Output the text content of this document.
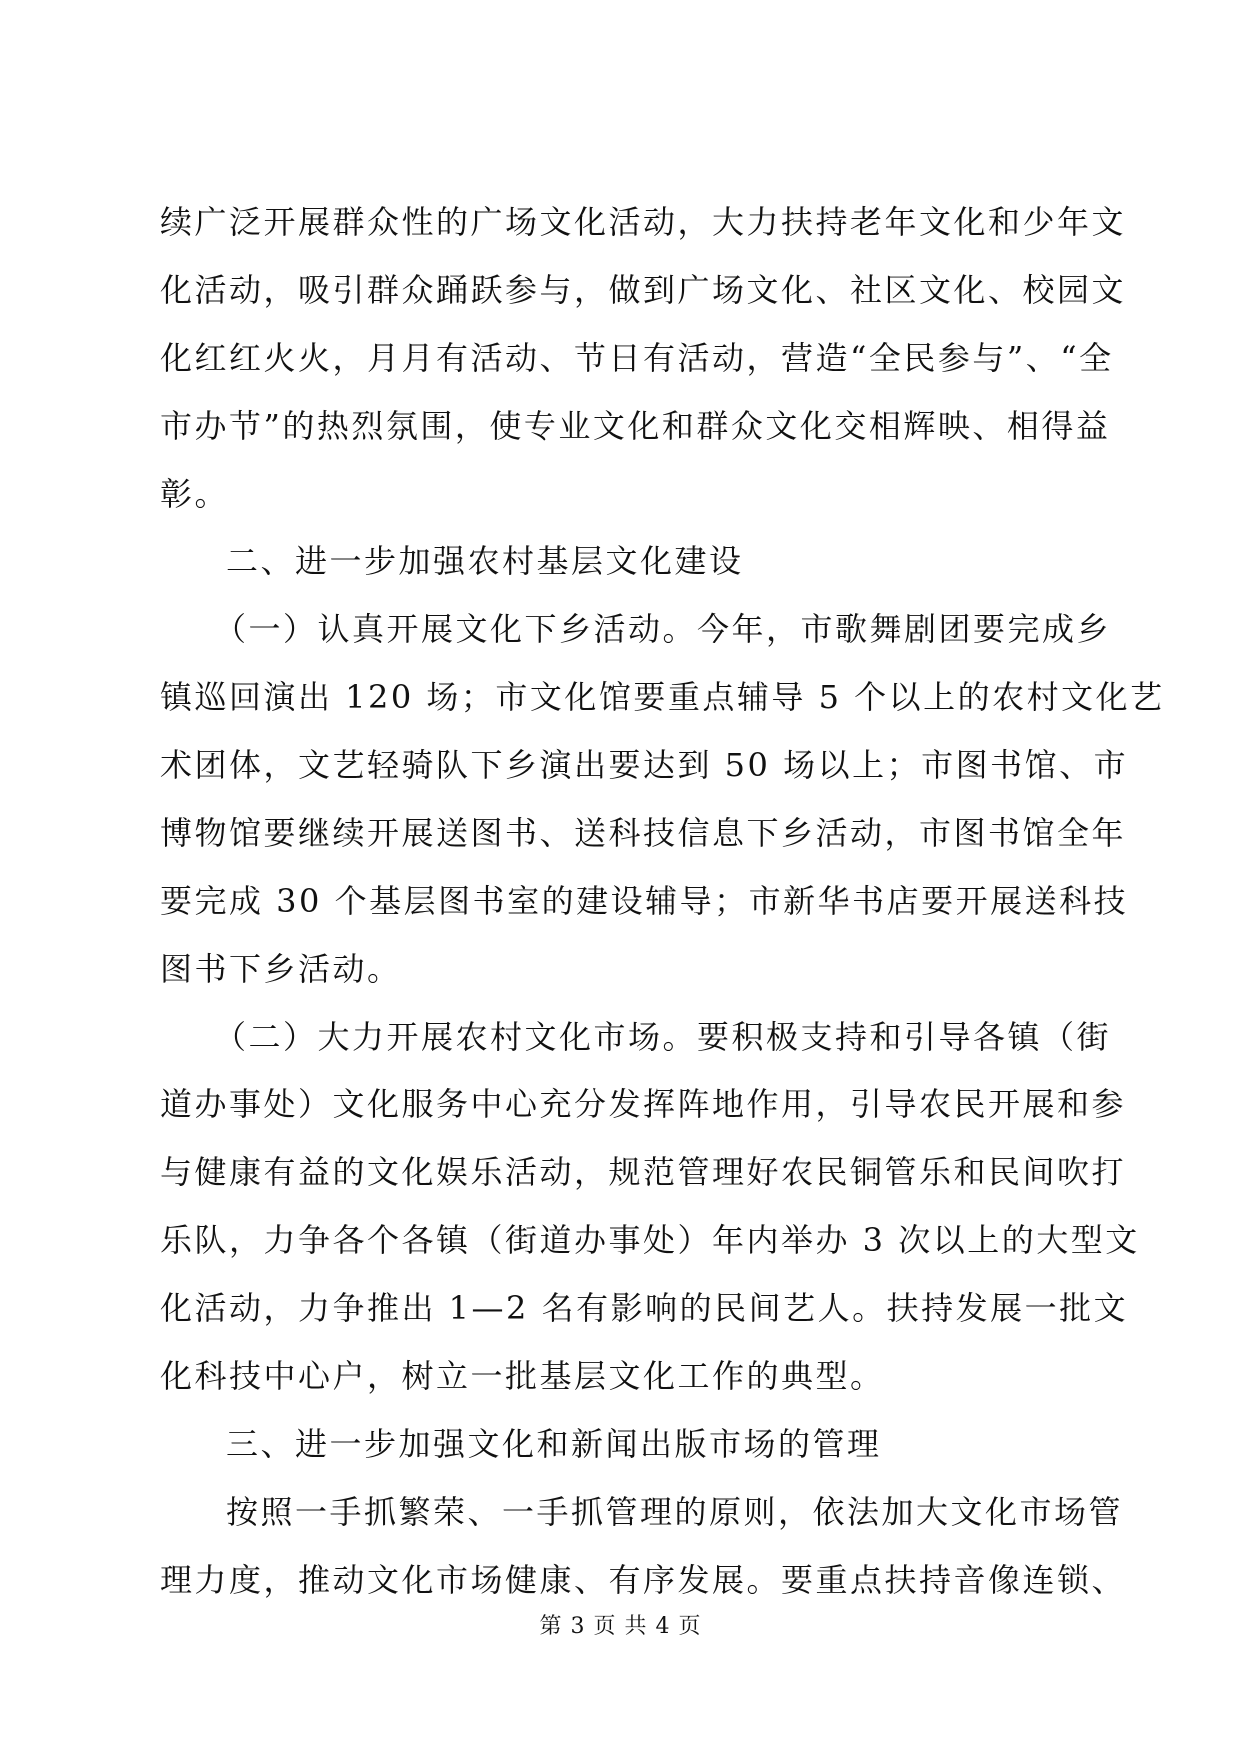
续广泛开展群众性的广场文化活动，大力扶持老年文化和少年文
化活动，吸引群众踊跃参与，做到广场文化、社区文化、校园文
化红红火火，月月有活动、节日有活动，营造“全民参与”、“全
市办节”的热烈氛围，使专业文化和群众文化交相辉映、相得益
彰。
二、进一步加强农村基层文化建设
（一）认真开展文化下乡活动。今年，市歌舞剧团要完成乡
镇巡回演出 120 场；市文化馆要重点辅导 5 个以上的农村文化艺
术团体，文艺轻骑队下乡演出要达到 50 场以上；市图书馆、市
博物馆要继续开展送图书、送科技信息下乡活动，市图书馆全年
要完成 30 个基层图书室的建设辅导；市新华书店要开展送科技
图书下乡活动。
（二）大力开展农村文化市场。要积极支持和引导各镇（街
道办事处）文化服务中心充分发挥阵地作用，引导农民开展和参
与健康有益的文化娱乐活动，规范管理好农民铜管乐和民间吹打
乐队，力争各个各镇（街道办事处）年内举办 3 次以上的大型文
化活动，力争推出 1—2 名有影响的民间艺人。扶持发展一批文
化科技中心户，树立一批基层文化工作的典型。
三、进一步加强文化和新闻出版市场的管理
按照一手抓繁荣、一手抓管理的原则，依法加大文化市场管
理力度，推动文化市场健康、有序发展。要重点扶持音像连锁、
第 3 页 共 4 页
